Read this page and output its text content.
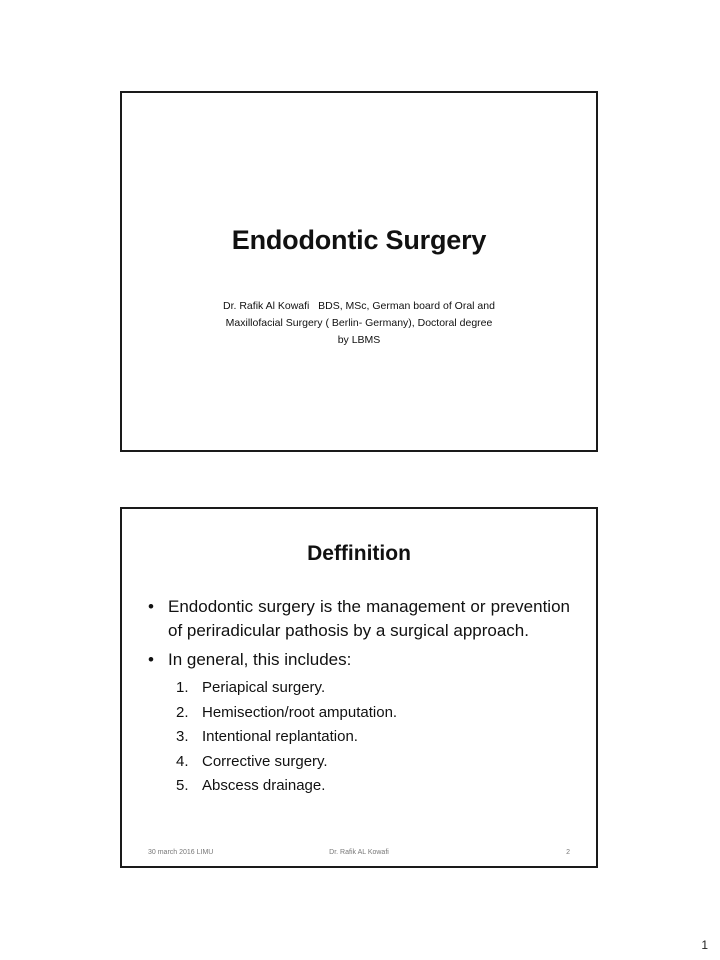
Endodontic Surgery
Dr. Rafik Al Kowafi   BDS, MSc, German board of Oral and
Maxillofacial Surgery ( Berlin- Germany), Doctoral degree
by LBMS
Deffinition
• Endodontic surgery is the management or prevention of periradicular pathosis by a surgical approach.
• In general, this includes:
1. Periapical surgery.
2. Hemisection/root amputation.
3. Intentional replantation.
4. Corrective surgery.
5. Abscess drainage.
30 march 2016 LIMU	Dr. Rafik AL Kowafi	2
1
